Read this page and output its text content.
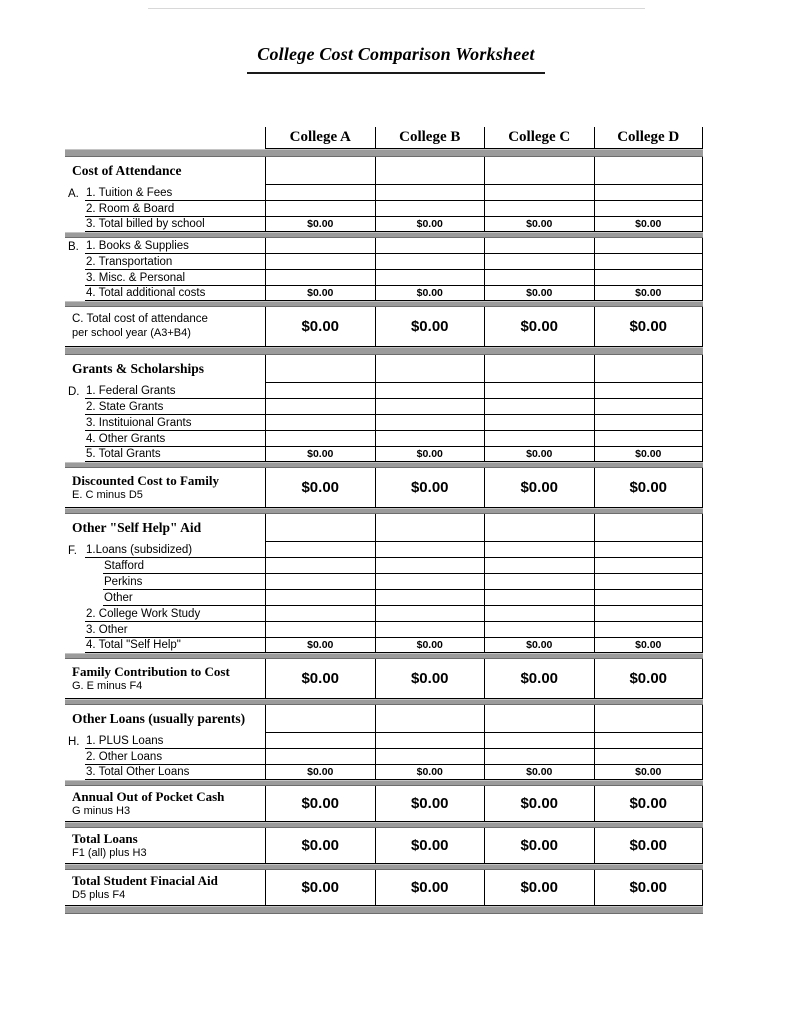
College Cost Comparison Worksheet
College A	College B	College C	College D
Cost of Attendance
A. 1. Tuition & Fees
2. Room & Board
3. Total billed by school	$0.00	$0.00	$0.00	$0.00
B. 1. Books & Supplies
2. Transportation
3. Misc. & Personal
4. Total additional costs	$0.00	$0.00	$0.00	$0.00
C. Total cost of attendance
per school year (A3+B4)	$0.00	$0.00	$0.00	$0.00
Grants & Scholarships
D. 1. Federal Grants
2. State Grants
3. Instituional Grants
4. Other Grants
5. Total Grants	$0.00	$0.00	$0.00	$0.00
Discounted Cost to Family
E. C minus D5	$0.00	$0.00	$0.00	$0.00
Other "Self Help" Aid
F. 1.Loans (subsidized)
Stafford
Perkins
Other
2. College Work Study
3. Other
4. Total "Self Help"	$0.00	$0.00	$0.00	$0.00
Family Contribution to Cost
G. E minus F4	$0.00	$0.00	$0.00	$0.00
Other Loans (usually parents)
H. 1. PLUS Loans
2. Other Loans
3. Total Other Loans	$0.00	$0.00	$0.00	$0.00
Annual Out of Pocket Cash
G minus H3	$0.00	$0.00	$0.00	$0.00
Total Loans
F1 (all) plus H3	$0.00	$0.00	$0.00	$0.00
Total Student Finacial Aid
D5 plus F4	$0.00	$0.00	$0.00	$0.00
